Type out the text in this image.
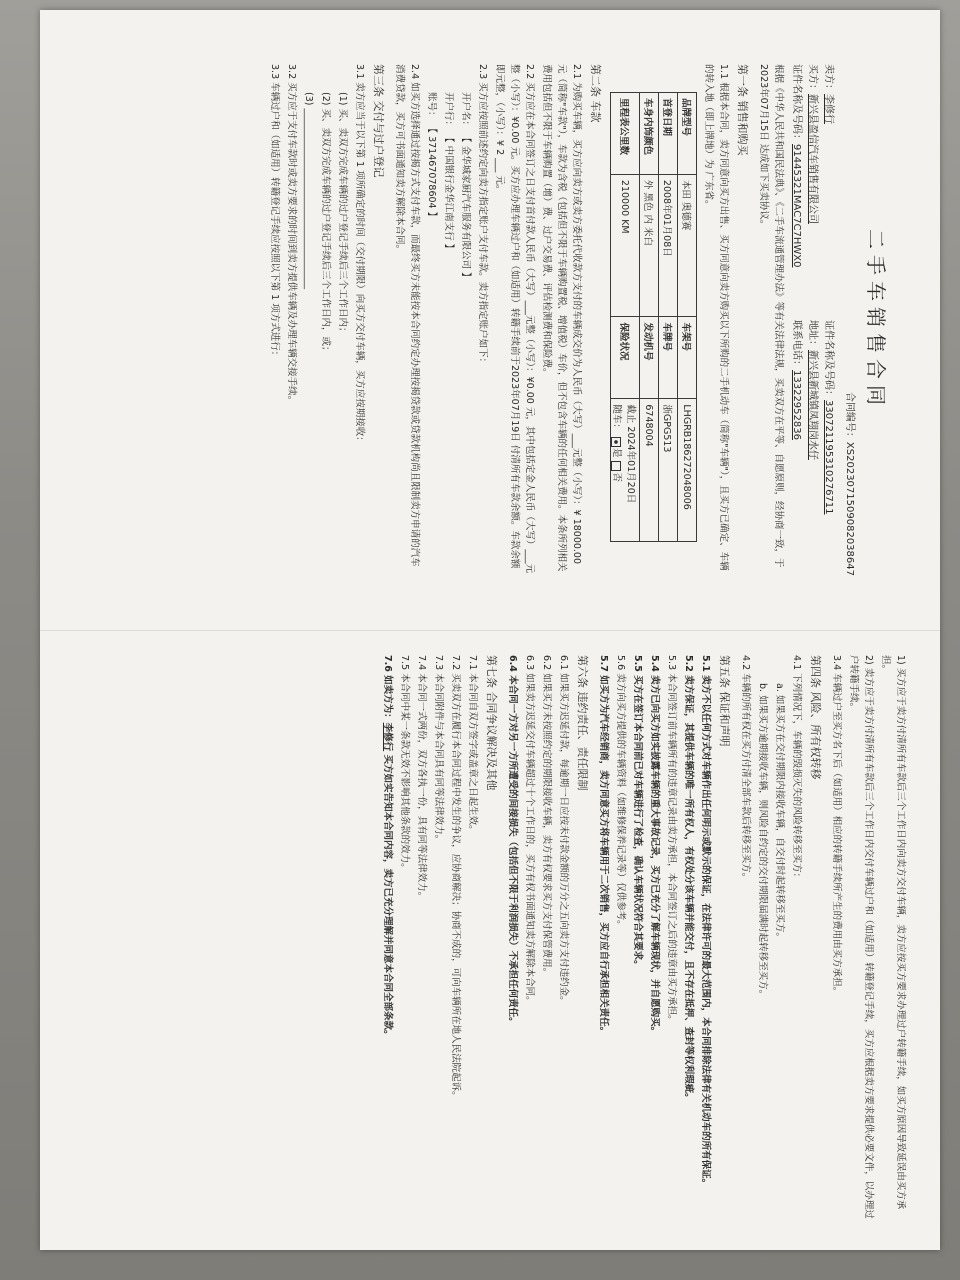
二手车销售合同
合同编号：XS20230715090820386​47
卖方：李修行
证件名称及号码：330721195310276711
买方：新兴县盈信汽车销售有限公司
地址：新兴县新城镇凤翔岗水仔
证件名称及号码：91445321MAC7C7HWX0
联系电话：13322952836
根据《中华人民共和国民法典》、《二手车流通管理办法》等有关法律法规，买卖双方在平等、自愿原则，经协商一致，于 2023年07月15日 达成如下买卖协议。
第一条 销售和购买
1.1 根据本合同，卖方同意向买方出售、买方同意向卖方购买以下所购的二手机动车（简称"车辆"），且买方已确定、车辆的转入地（即上牌地）为 广东省。
品牌型号	本田 奥德赛	车架号	LHGRB186272048006
首登日期	2008年01月08日	车牌号	浙GPG513
车身内饰颜色	外 黑色 内 米白	发动机号	6748004
里程表公里数	210000 KM	保险状况	截止 2024年01月20日
随车： 是 否
第二条 车款
2.1 为购买车辆，买方应向卖方或卖方委托代收款方支付的车辆成交价为人民币（大写）___元整（小写）：¥ 18000.00 元（简称"车款"），车款为含税（包括但不限于车辆购置税、增值税）车价，但不包含车辆的任何相关费用。本条所列相关费用包括但不限于车辆购置（增）费、过户交易费、评估检测费和保险费。
2.2 买方应在本合同签订之日支付首付款人民币（大写）___元整（小写）：¥0.00 元，其中包括定金人民币（大写）___元整（小写）：¥0.00 元。买方应办理车辆过户和（如适用）转籍手续前于2023年07月19日 付清所有车款余额。车款余额即元整，（小写）：¥ 2 ___ 元。
2.3 买方应按照前述约定向卖方指定账户支付车款。卖方指定账户如下：
开户名： 【 金华城家厨汽车服务有限公司 】
开户行： 【 中国银行金华江南支行 】
账号： 【 371467078604 】
2.4 如买方选择通过按揭方式支付车款，而最终买方未能按本合同约定办理按揭贷款或贷款机构尚且限制卖方申请的汽车消费贷款，买方可书面通知卖方解除本合同。
第三条 交付与过户登记
3.1 卖方应当于以下第 1 项所确定的时间（交付期限）向买方交付车辆，买方应按期接收：
(1) 买、卖双方完成车辆的过户登记手续后三个工作日内；
(2) 买、卖双方完成车辆的过户登记手续后三个工作日内，或；
(3) ______________________________________
3.2 买方应于支付车款时或卖方要求的时间到卖方提供车辆及办理车辆交接手续。
3.3 车辆过户和（如适用）转籍登记手续应按照以下第 1 项方式进行：
1) 买方应于卖方付清所有车款后三个工作日内向卖方交付车辆，卖方应按买方要求办理过户转籍手续，如买方原因导致延误由买方承担。
2) 卖方应于卖方付清所有车款后三个工作日内交付车辆过户和（如适用）转籍登记手续，买方应根据卖方要求提供必要文件，以办理过户转籍手续。
3.4 车辆过户至买方名下后（如适用）相应的转籍手续所产生的费用由买方承担。
第四条 风险、所有权转移
4.1 下列情况下，车辆的毁损灭失的风险转移至买方：
a. 如果买方在交付期限内接收车辆，自交付时起转移至买方。
b. 如果买方逾期接收车辆，则风险自约定的交付期限届满时起转移至买方。
4.2 车辆的所有权在买方付清全部车款后转移至买方。
第五条 保证和声明
5.1 卖方不以任何方式对车辆作出任何明示或默示的保证，在法律许可的最大范围内，本合同排除法律有关机动车的所有保证。
5.2 卖方保证，其提供车辆的唯一所有权人，有权处分该车辆并能交付，且不存在抵押、查封等权利瑕疵。
5.3 本合同签订前车辆所有的违章记录由卖方承担，本合同签订之后的违章由买方承担。
5.4 卖方已向买方如实披露车辆的重大事故记录，买方已充分了解车辆现状，并自愿购买。
5.5 买方在签订本合同前已对车辆进行了检查，确认车辆状况符合其要求。
5.6 卖方向买方提供的车辆资料（如维修保养记录等）仅供参考。
5.7 如买方为汽车经销商，卖方同意买方将车辆用于二次销售，买方应自行承担相关责任。
第六条 违约责任、责任限制
6.1 如果买方迟延付款，每逾期一日应按未付款金额的万分之五向卖方支付违约金。
6.2 如果买方未按照约定的期限接收车辆，卖方有权要求买方支付保管费用。
6.3 如果卖方迟延交付车辆超过十个工作日的，买方有权书面通知卖方解除本合同。
6.4 本合同一方对另一方所遭受的间接损失（包括但不限于利润损失）不承担任何责任。
第七条 合同争议解决及其他
7.1 本合同自双方签字或盖章之日起生效。
7.2 买卖双方在履行本合同过程中发生的争议，应协商解决；协商不成的，可向车辆所在地人民法院起诉。
7.3 本合同附件与本合同具有同等法律效力。
7.4 本合同一式两份，双方各执一份，具有同等法律效力。
7.5 本合同中某一条款无效不影响其他条款的效力。
7.6 如卖方为：李修行 买方如实告知本合同内容，卖方已充分理解并同意本合同全部条款。
